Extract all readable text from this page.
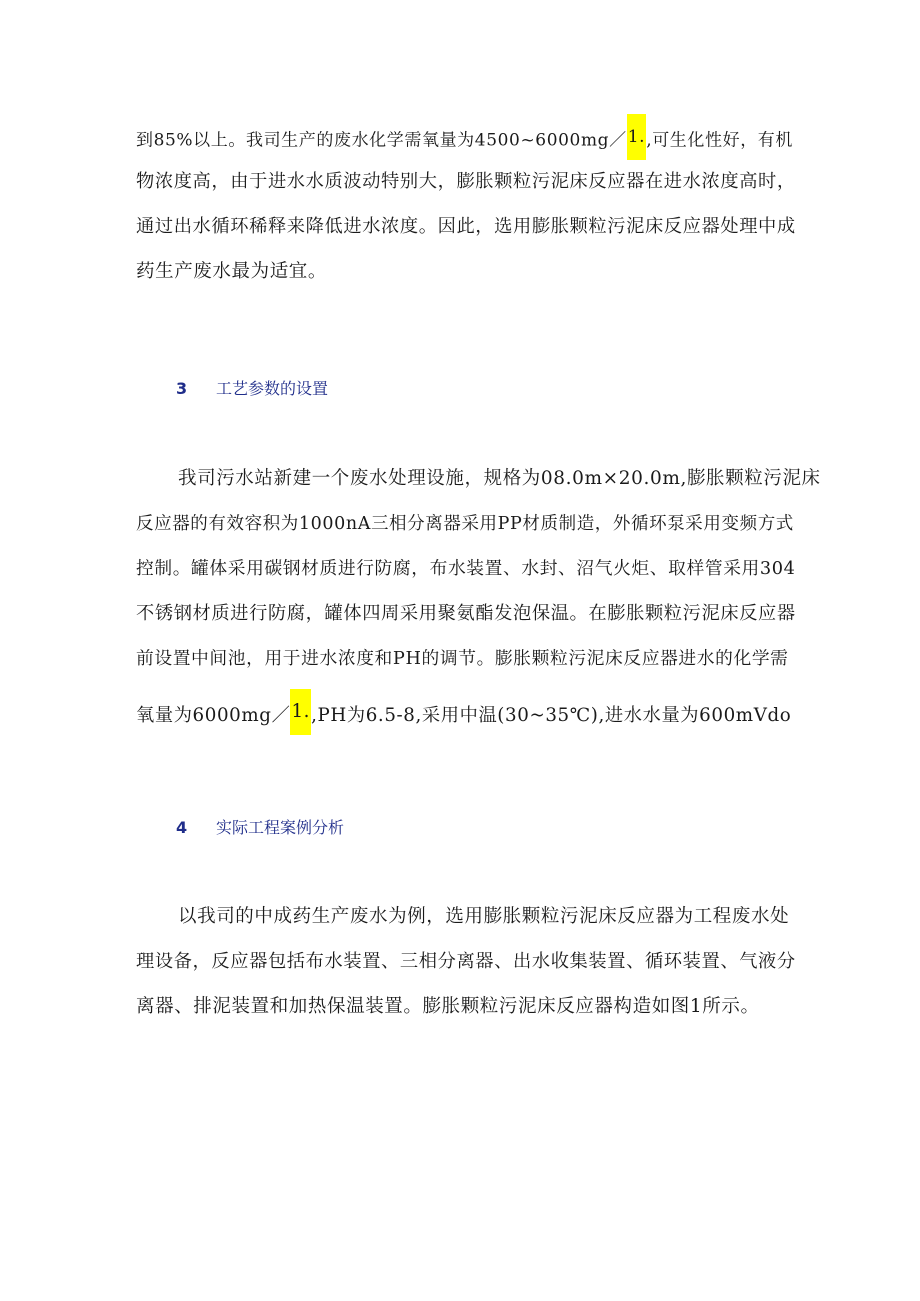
到85%以上。我司生产的废水化学需氧量为4500~6000mg／1.,可生化性好，有机
物浓度高，由于进水水质波动特别大，膨胀颗粒污泥床反应器在进水浓度高时，
通过出水循环稀释来降低进水浓度。因此，选用膨胀颗粒污泥床反应器处理中成
药生产废水最为适宜。
3 工艺参数的设置
我司污水站新建一个废水处理设施，规格为08.0m×20.0m,膨胀颗粒污泥床
反应器的有效容积为1000nA三相分离器采用PP材质制造，外循环泵采用变频方式
控制。罐体采用碳钢材质进行防腐，布水装置、水封、沼气火炬、取样管采用304
不锈钢材质进行防腐，罐体四周采用聚氨酯发泡保温。在膨胀颗粒污泥床反应器
前设置中间池，用于进水浓度和PH的调节。膨胀颗粒污泥床反应器进水的化学需
氧量为6000mg／1.,PH为6.5-8,采用中温(30~35℃),进水水量为600mVdo
4 实际工程案例分析
以我司的中成药生产废水为例，选用膨胀颗粒污泥床反应器为工程废水处
理设备，反应器包括布水装置、三相分离器、出水收集装置、循环装置、气液分
离器、排泥装置和加热保温装置。膨胀颗粒污泥床反应器构造如图1所示。
